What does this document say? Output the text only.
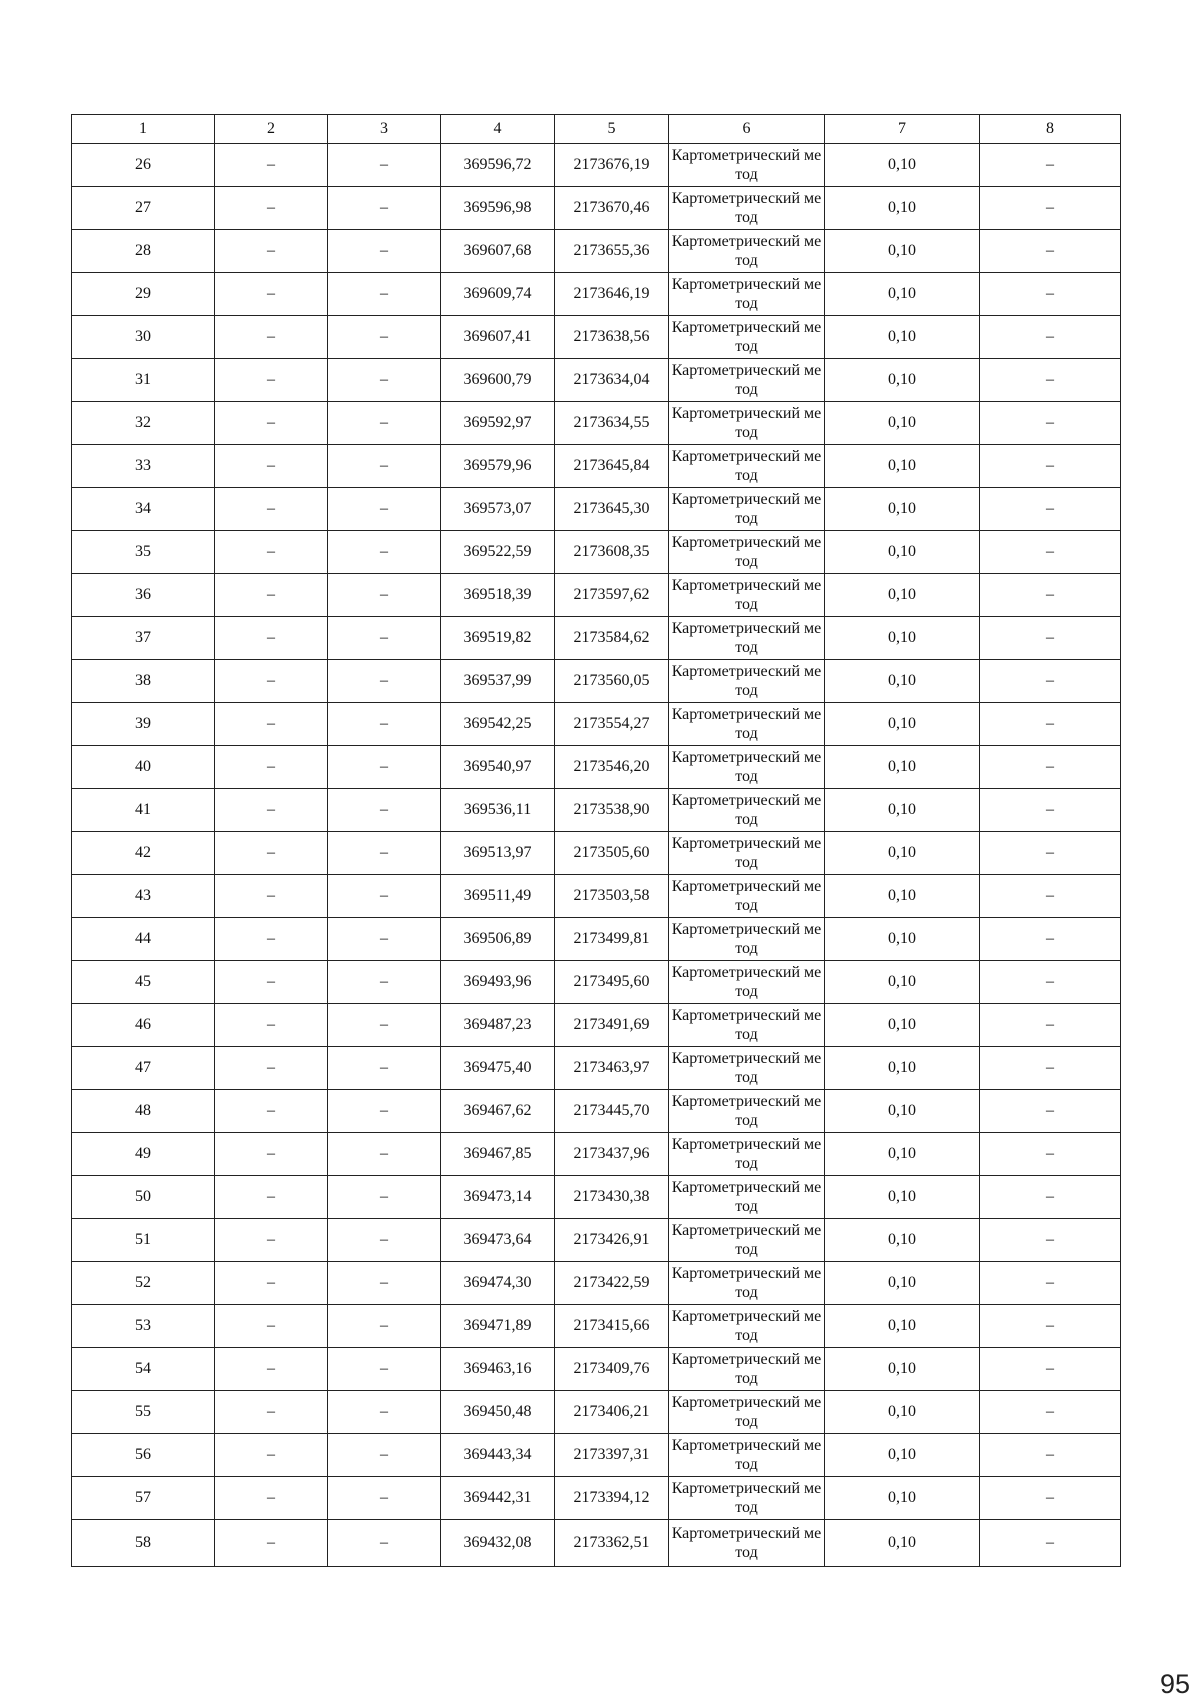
1	2	3	4	5	6	7	8
26	–	–	369596,72	2173676,19	Картометрический метод	0,10	–
27	–	–	369596,98	2173670,46	Картометрический метод	0,10	–
28	–	–	369607,68	2173655,36	Картометрический метод	0,10	–
29	–	–	369609,74	2173646,19	Картометрический метод	0,10	–
30	–	–	369607,41	2173638,56	Картометрический метод	0,10	–
31	–	–	369600,79	2173634,04	Картометрический метод	0,10	–
32	–	–	369592,97	2173634,55	Картометрический метод	0,10	–
33	–	–	369579,96	2173645,84	Картометрический метод	0,10	–
34	–	–	369573,07	2173645,30	Картометрический метод	0,10	–
35	–	–	369522,59	2173608,35	Картометрический метод	0,10	–
36	–	–	369518,39	2173597,62	Картометрический метод	0,10	–
37	–	–	369519,82	2173584,62	Картометрический метод	0,10	–
38	–	–	369537,99	2173560,05	Картометрический метод	0,10	–
39	–	–	369542,25	2173554,27	Картометрический метод	0,10	–
40	–	–	369540,97	2173546,20	Картометрический метод	0,10	–
41	–	–	369536,11	2173538,90	Картометрический метод	0,10	–
42	–	–	369513,97	2173505,60	Картометрический метод	0,10	–
43	–	–	369511,49	2173503,58	Картометрический метод	0,10	–
44	–	–	369506,89	2173499,81	Картометрический метод	0,10	–
45	–	–	369493,96	2173495,60	Картометрический метод	0,10	–
46	–	–	369487,23	2173491,69	Картометрический метод	0,10	–
47	–	–	369475,40	2173463,97	Картометрический метод	0,10	–
48	–	–	369467,62	2173445,70	Картометрический метод	0,10	–
49	–	–	369467,85	2173437,96	Картометрический метод	0,10	–
50	–	–	369473,14	2173430,38	Картометрический метод	0,10	–
51	–	–	369473,64	2173426,91	Картометрический метод	0,10	–
52	–	–	369474,30	2173422,59	Картометрический метод	0,10	–
53	–	–	369471,89	2173415,66	Картометрический метод	0,10	–
54	–	–	369463,16	2173409,76	Картометрический метод	0,10	–
55	–	–	369450,48	2173406,21	Картометрический метод	0,10	–
56	–	–	369443,34	2173397,31	Картометрический метод	0,10	–
57	–	–	369442,31	2173394,12	Картометрический метод	0,10	–
58	–	–	369432,08	2173362,51	Картометрический метод	0,10	–
95
